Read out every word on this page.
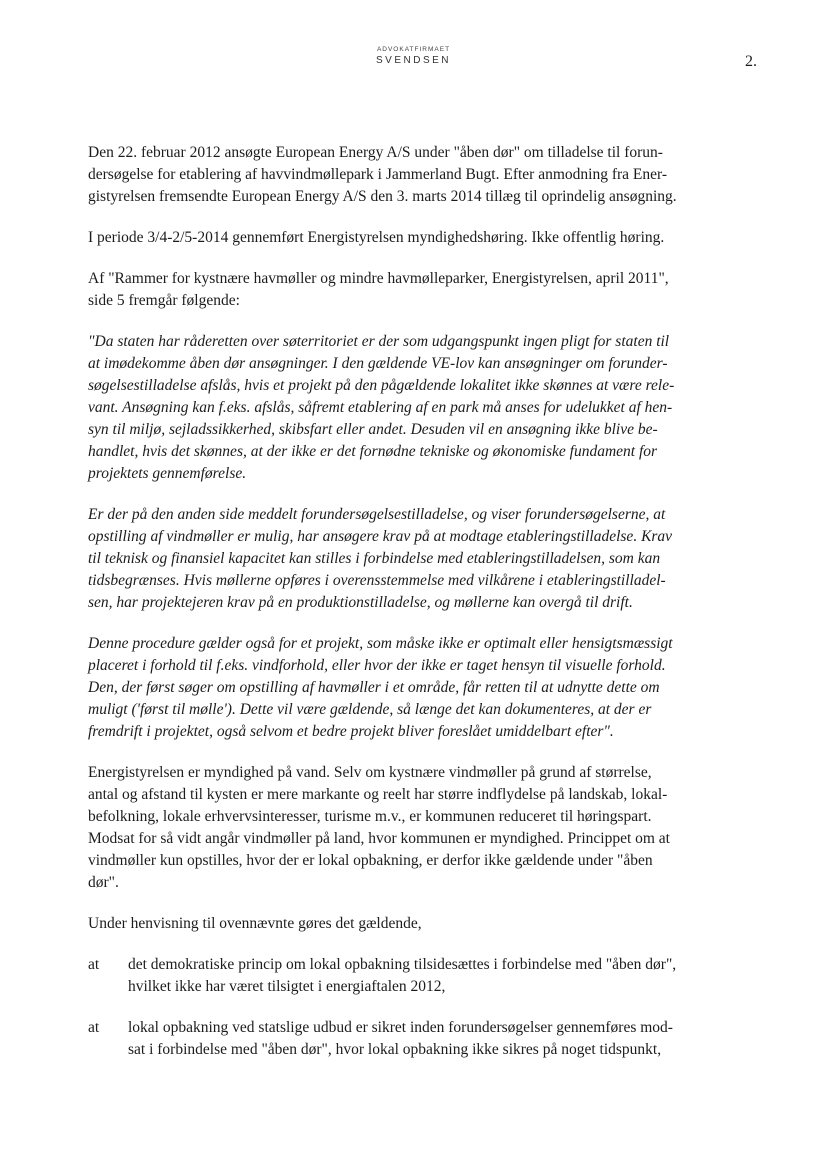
ADVOKATFIRMAET
SVENDSEN	2.

Den 22. februar 2012 ansøgte European Energy A/S under "åben dør" om tilladelse til forun-
dersøgelse for etablering af havvindmøllepark i Jammerland Bugt. Efter anmodning fra Ener-
gistyrelsen fremsendte European Energy A/S den 3. marts 2014 tillæg til oprindelig ansøgning.

I periode 3/4-2/5-2014 gennemført Energistyrelsen myndighedshøring. Ikke offentlig høring.

Af "Rammer for kystnære havmøller og mindre havmølleparker, Energistyrelsen, april 2011",
side 5 fremgår følgende:

"Da staten har råderetten over søterritoriet er der som udgangspunkt ingen pligt for staten til
at imødekomme åben dør ansøgninger. I den gældende VE-lov kan ansøgninger om forunder-
søgelsestilladelse afslås, hvis et projekt på den pågældende lokalitet ikke skønnes at være rele-
vant. Ansøgning kan f.eks. afslås, såfremt etablering af en park må anses for udelukket af hen-
syn til miljø, sejladssikkerhed, skibsfart eller andet. Desuden vil en ansøgning ikke blive be-
handlet, hvis det skønnes, at der ikke er det fornødne tekniske og økonomiske fundament for
projektets gennemførelse.

Er der på den anden side meddelt forundersøgelsestilladelse, og viser forundersøgelserne, at
opstilling af vindmøller er mulig, har ansøgere krav på at modtage etableringstilladelse. Krav
til teknisk og finansiel kapacitet kan stilles i forbindelse med etableringstilladelsen, som kan
tidsbegrænses. Hvis møllerne opføres i overensstemmelse med vilkårene i etableringstilladel-
sen, har projektejeren krav på en produktionstilladelse, og møllerne kan overgå til drift.

Denne procedure gælder også for et projekt, som måske ikke er optimalt eller hensigtsmæssigt
placeret i forhold til f.eks. vindforhold, eller hvor der ikke er taget hensyn til visuelle forhold.
Den, der først søger om opstilling af havmøller i et område, får retten til at udnytte dette om
muligt ('først til mølle'). Dette vil være gældende, så længe det kan dokumenteres, at der er
fremdrift i projektet, også selvom et bedre projekt bliver foreslået umiddelbart efter".

Energistyrelsen er myndighed på vand. Selv om kystnære vindmøller på grund af størrelse,
antal og afstand til kysten er mere markante og reelt har større indflydelse på landskab, lokal-
befolkning, lokale erhvervsinteresser, turisme m.v., er kommunen reduceret til høringspart.
Modsat for så vidt angår vindmøller på land, hvor kommunen er myndighed. Princippet om at
vindmøller kun opstilles, hvor der er lokal opbakning, er derfor ikke gældende under "åben
dør".

Under henvisning til ovennævnte gøres det gældende,

at	det demokratiske princip om lokal opbakning tilsidesættes i forbindelse med "åben dør",
hvilket ikke har været tilsigtet i energiaftalen 2012,
at	lokal opbakning ved statslige udbud er sikret inden forundersøgelser gennemføres mod-
sat i forbindelse med "åben dør", hvor lokal opbakning ikke sikres på noget tidspunkt,
